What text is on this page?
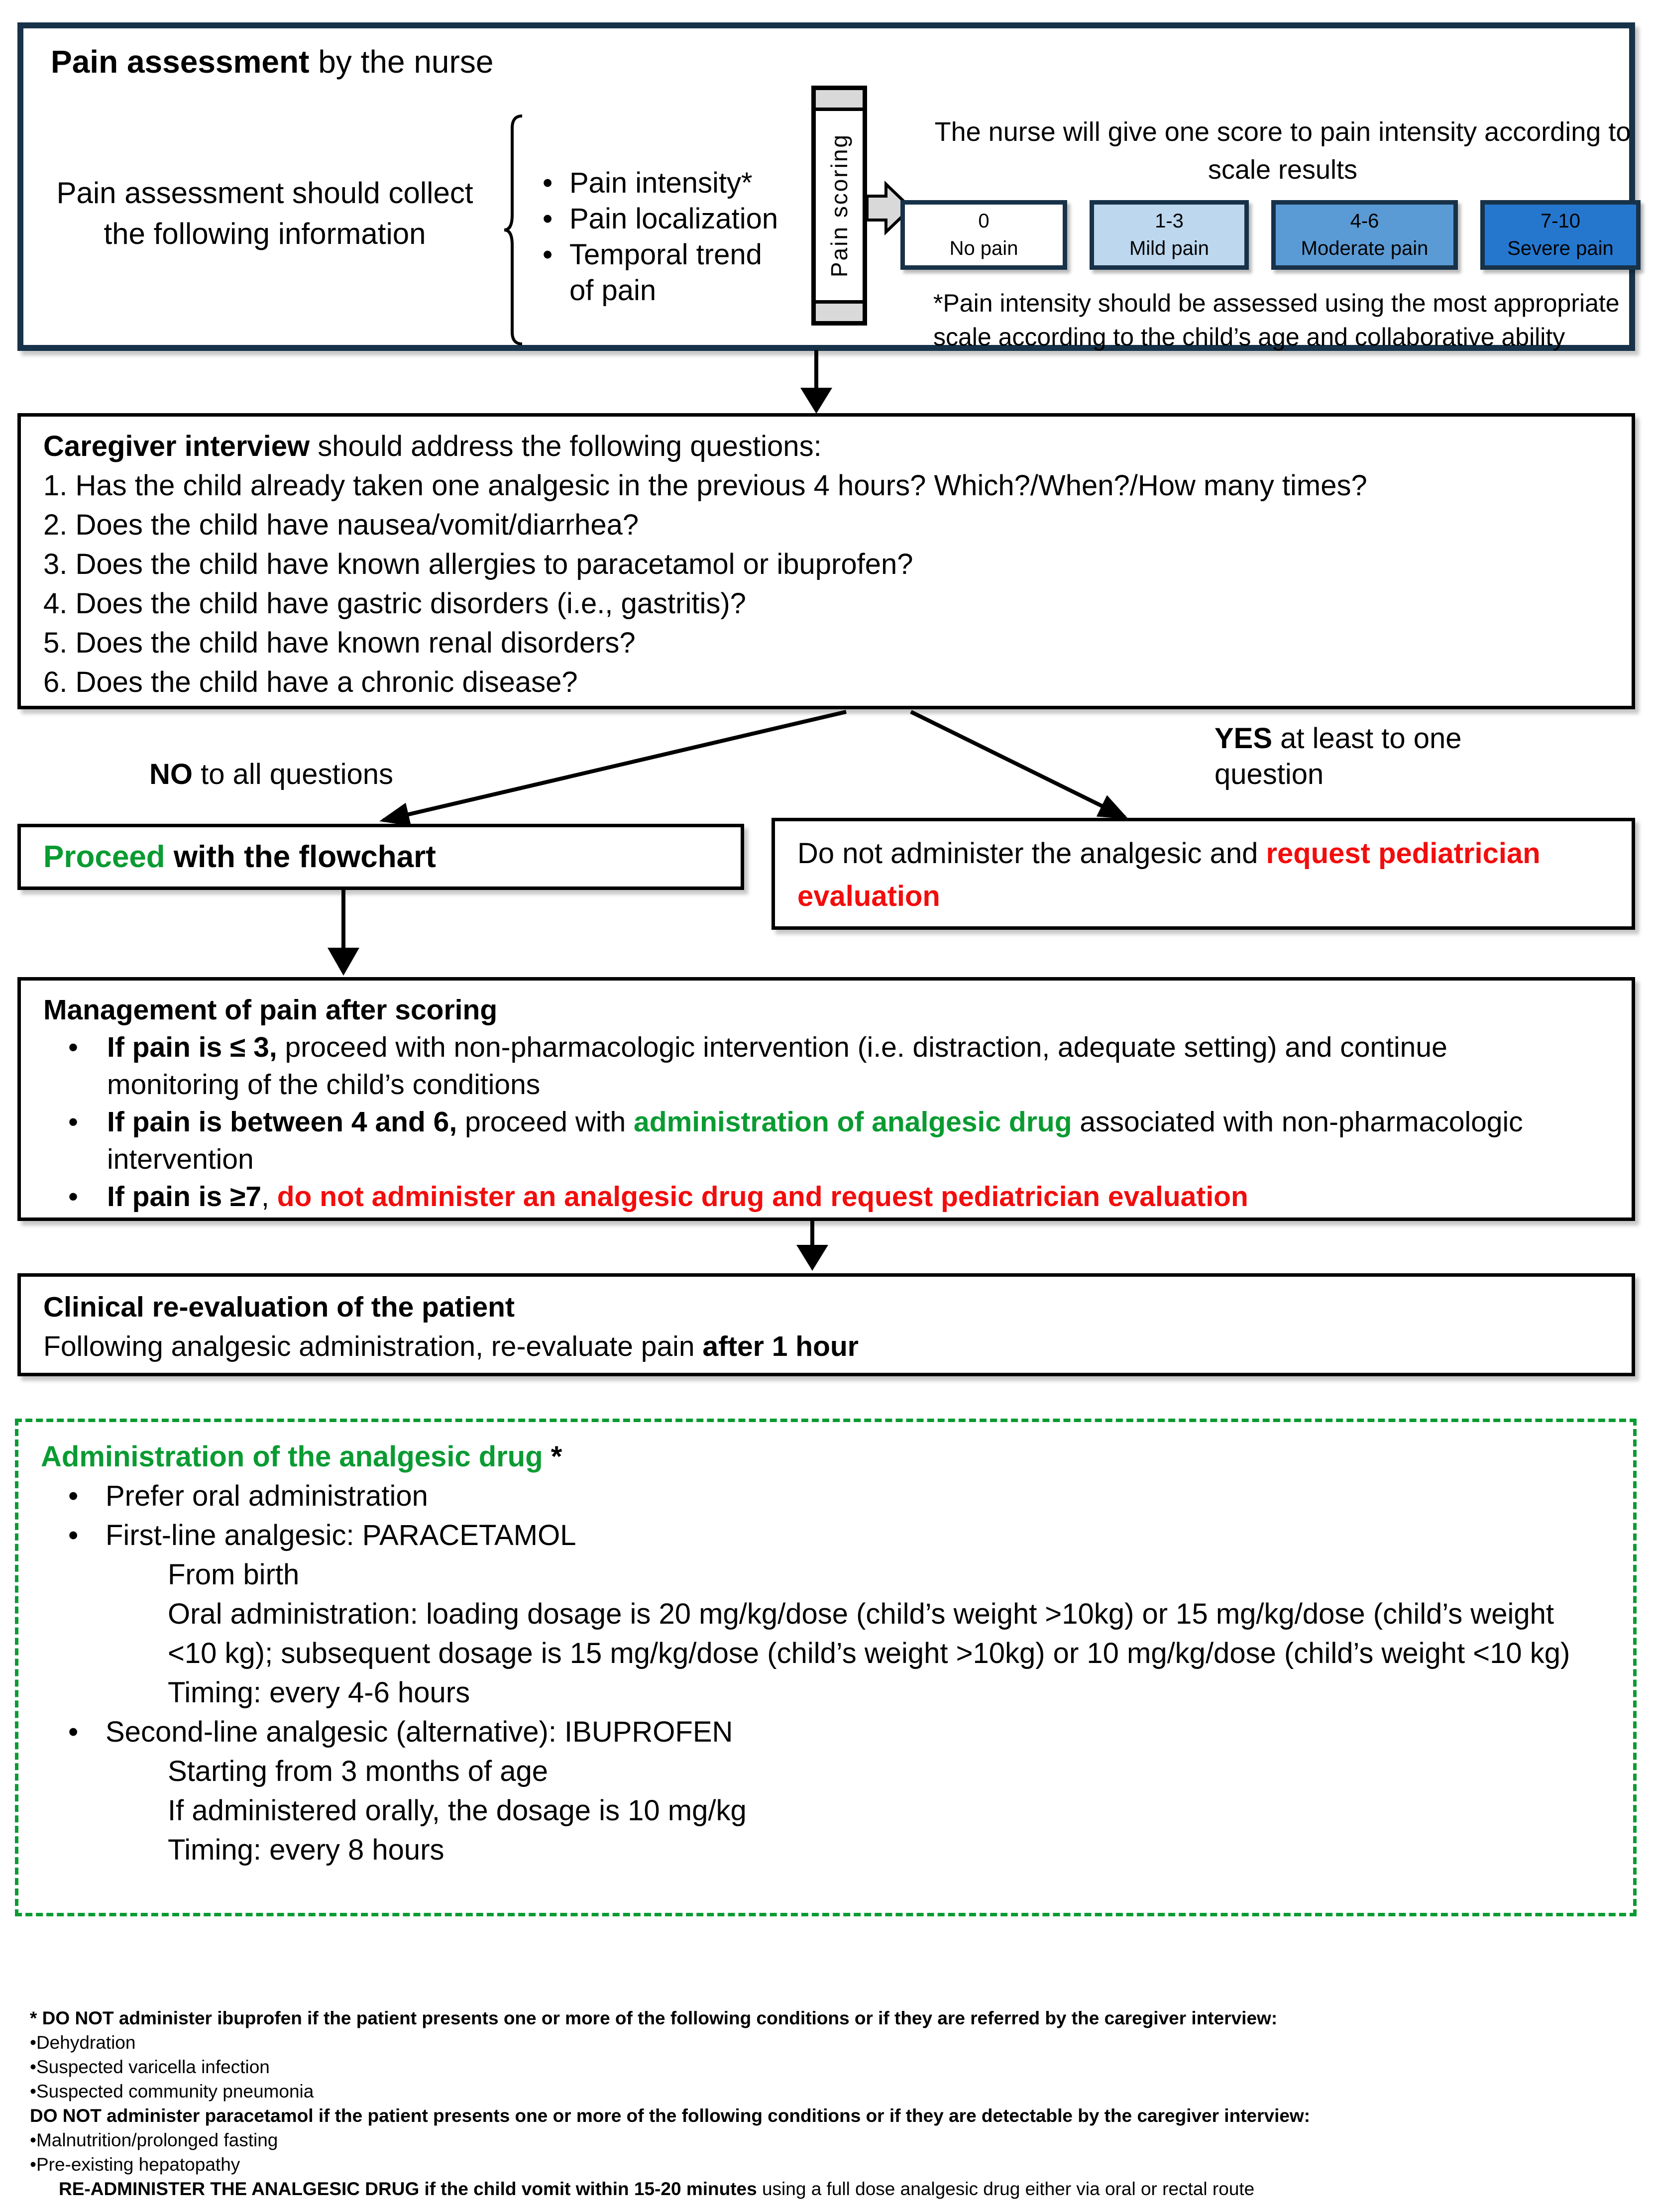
Pain assessment by the nurse
Pain assessment should collect the following information
• Pain intensity*
• Pain localization
• Temporal trend of pain
Pain scoring
The nurse will give one score to pain intensity according to scale results
0
No pain
1-3
Mild pain
4-6
Moderate pain
7-10
Severe pain
*Pain intensity should be assessed using the most appropriate scale according to the child’s age and collaborative ability
Caregiver interview should address the following questions:
1. Has the child already taken one analgesic in the previous 4 hours? Which?/When?/How many times?
2. Does the child have nausea/vomit/diarrhea?
3. Does the child have known allergies to paracetamol or ibuprofen?
4. Does the child have gastric disorders (i.e., gastritis)?
5. Does the child have known renal disorders?
6. Does the child have a chronic disease?
NO to all questions
YES at least to one question
Proceed with the flowchart	Do not administer the analgesic and request pediatrician evaluation
Management of pain after scoring
• If pain is ≤ 3, proceed with non-pharmacologic intervention (i.e. distraction, adequate setting) and continue monitoring of the child’s conditions
• If pain is between 4 and 6, proceed with administration of analgesic drug associated with non-pharmacologic intervention
• If pain is ≥7, do not administer an analgesic drug and request pediatrician evaluation
Clinical re-evaluation of the patient
Following analgesic administration, re-evaluate pain after 1 hour
Administration of the analgesic drug *
• Prefer oral administration
• First-line analgesic: PARACETAMOL
From birth
Oral administration: loading dosage is 20 mg/kg/dose (child’s weight >10kg) or 15 mg/kg/dose (child’s weight <10 kg); subsequent dosage is 15 mg/kg/dose (child’s weight >10kg) or 10 mg/kg/dose (child’s weight <10 kg)
Timing: every 4-6 hours
• Second-line analgesic (alternative): IBUPROFEN
Starting from 3 months of age
If administered orally, the dosage is 10 mg/kg
Timing: every 8 hours
* DO NOT administer ibuprofen if the patient presents one or more of the following conditions or if they are referred by the caregiver interview:
•Dehydration
•Suspected varicella infection
•Suspected community pneumonia
DO NOT administer paracetamol if the patient presents one or more of the following conditions or if they are detectable by the caregiver interview:
•Malnutrition/prolonged fasting
•Pre-existing hepatopathy
RE-ADMINISTER THE ANALGESIC DRUG if the child vomit within 15-20 minutes using a full dose analgesic drug either via oral or rectal route
